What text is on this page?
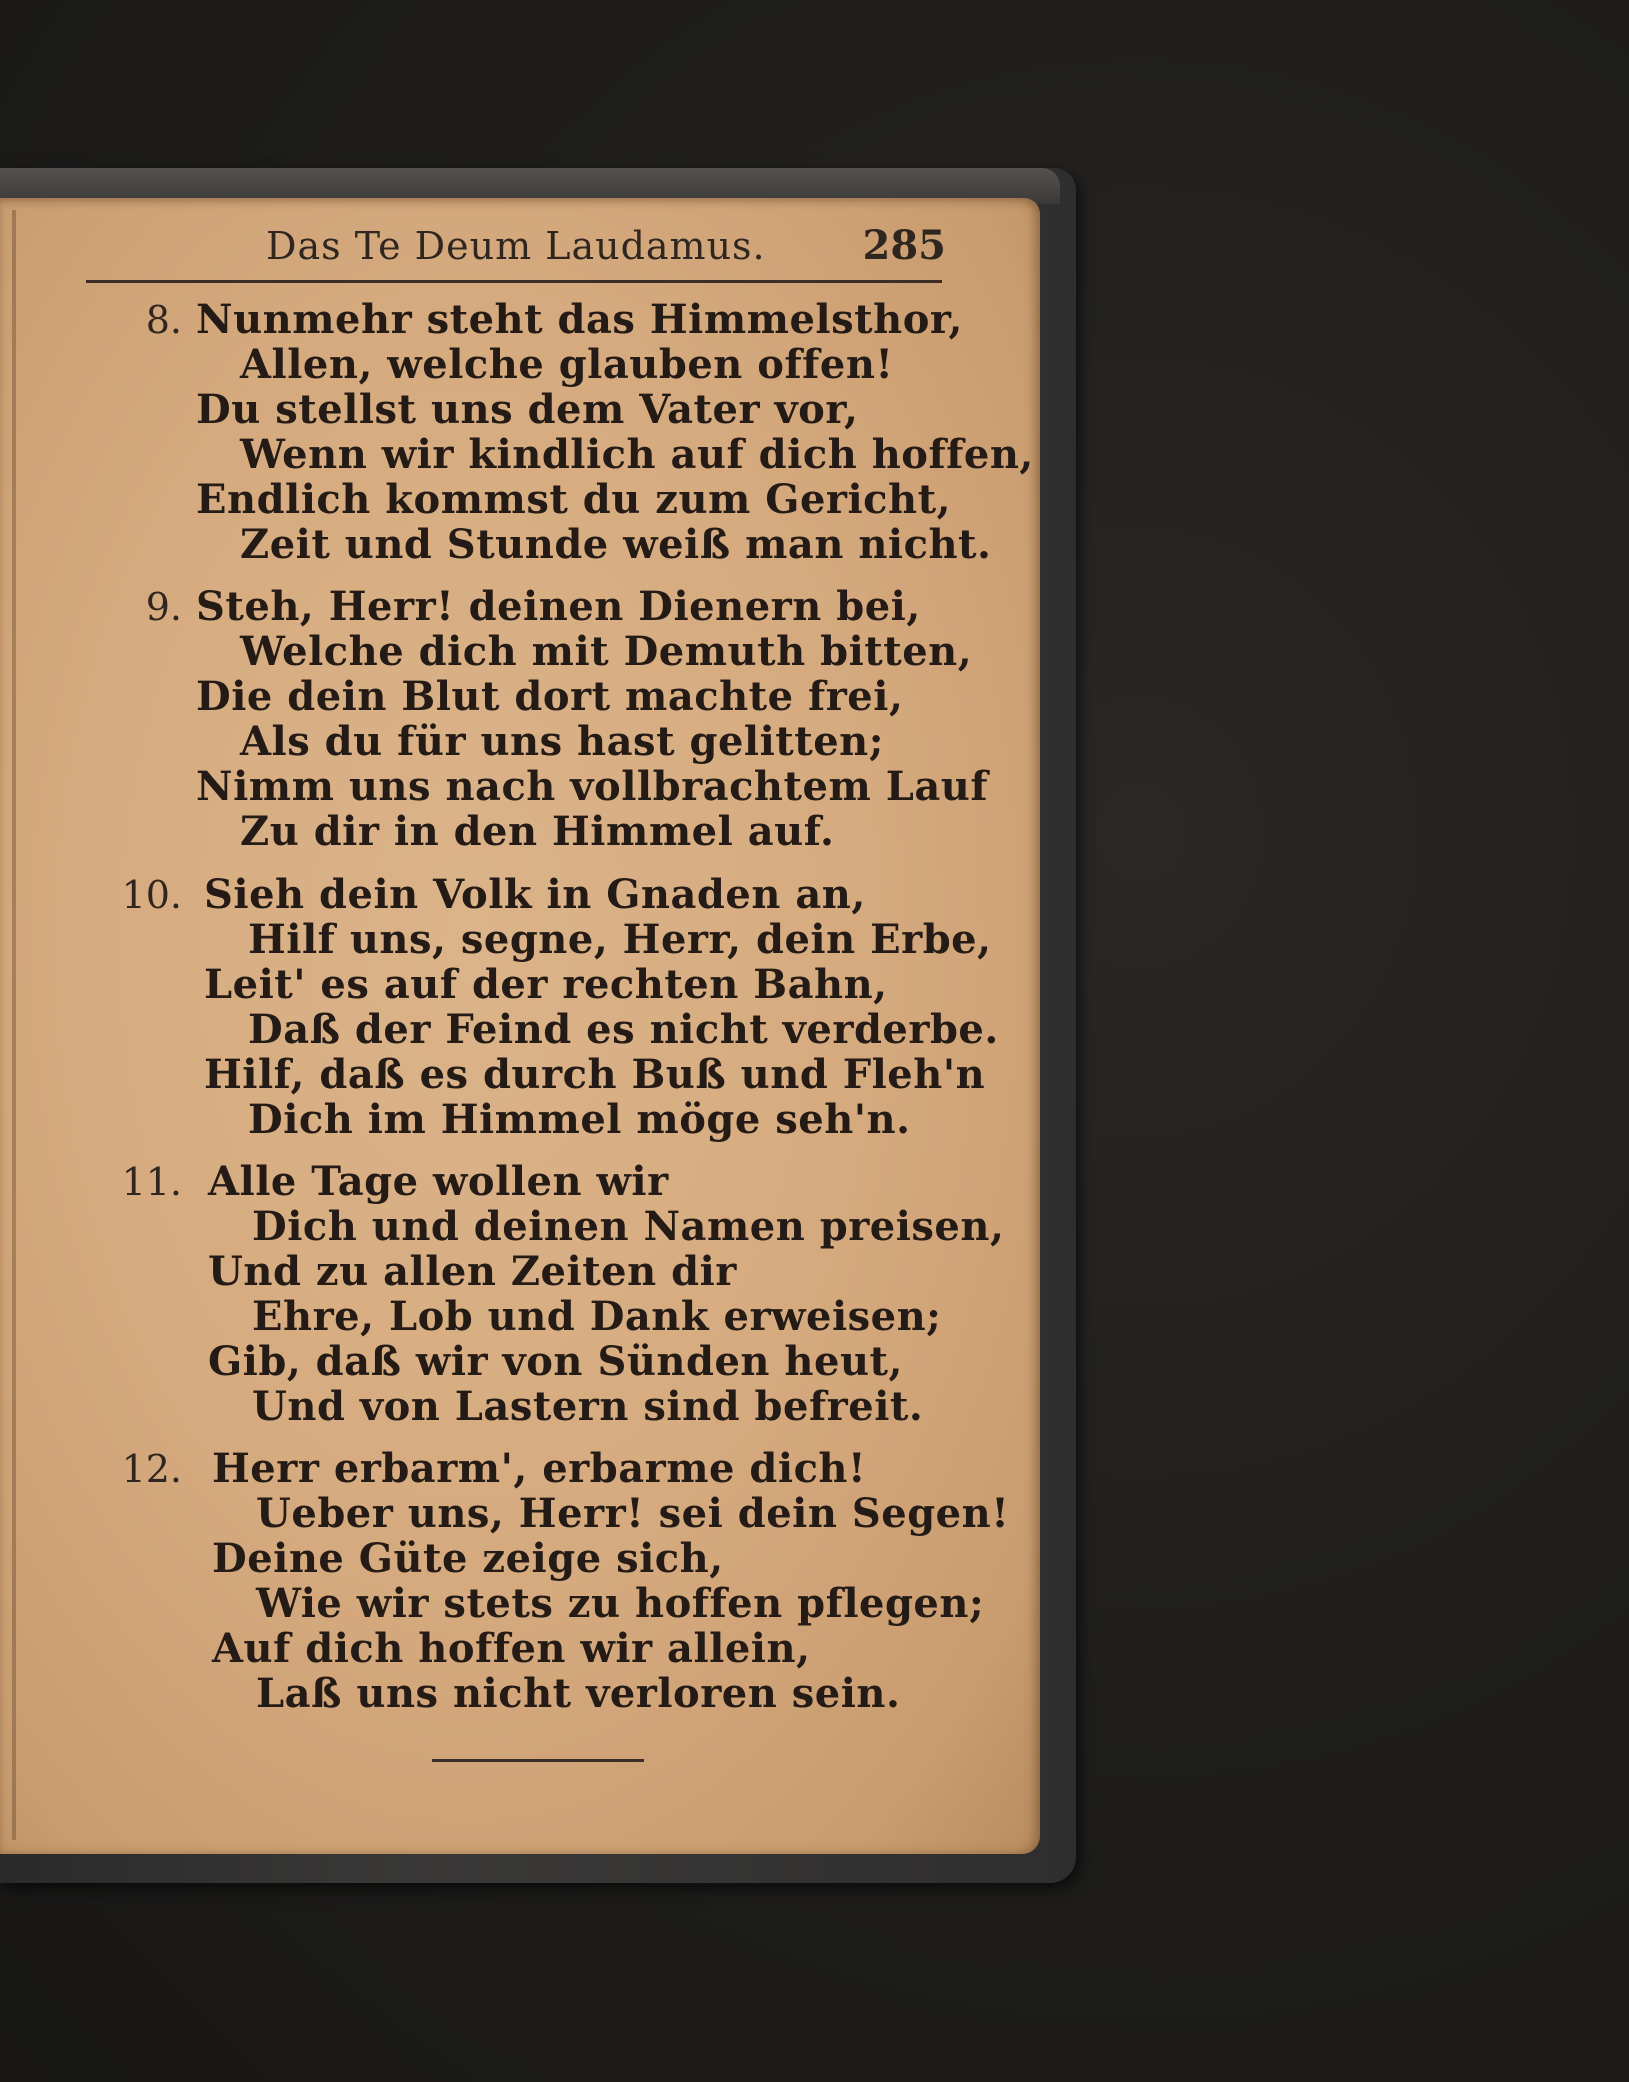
Das Te Deum Laudamus. 285
8. Nunmehr steht das Himmelsthor,
Allen, welche glauben offen!
Du stellst uns dem Vater vor,
Wenn wir kindlich auf dich hoffen,
Endlich kommst du zum Gericht,
Zeit und Stunde weiß man nicht.
9. Steh, Herr! deinen Dienern bei,
Welche dich mit Demuth bitten,
Die dein Blut dort machte frei,
Als du für uns hast gelitten;
Nimm uns nach vollbrachtem Lauf
Zu dir in den Himmel auf.
10. Sieh dein Volk in Gnaden an,
Hilf uns, segne, Herr, dein Erbe,
Leit' es auf der rechten Bahn,
Daß der Feind es nicht verderbe.
Hilf, daß es durch Buß und Fleh'n
Dich im Himmel möge seh'n.
11. Alle Tage wollen wir
Dich und deinen Namen preisen,
Und zu allen Zeiten dir
Ehre, Lob und Dank erweisen;
Gib, daß wir von Sünden heut,
Und von Lastern sind befreit.
12. Herr erbarm', erbarme dich!
Ueber uns, Herr! sei dein Segen!
Deine Güte zeige sich,
Wie wir stets zu hoffen pflegen;
Auf dich hoffen wir allein,
Laß uns nicht verloren sein.
